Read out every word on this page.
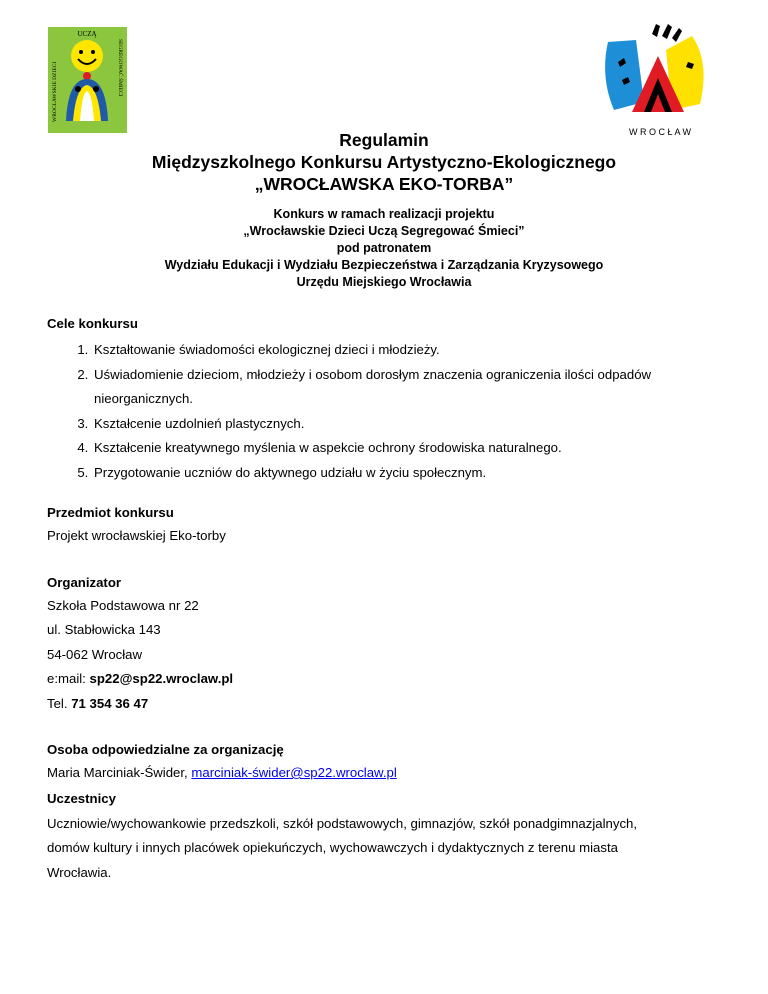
UCZĄ
WROCŁAWSKIE DZIECI	SEGREGOWAĆ ŚMIECI
W R O C Ł A W
Regulamin
Międzyszkolnego Konkursu Artystyczno-Ekologicznego
„WROCŁAWSKA EKO-TORBA”
Konkurs w ramach realizacji projektu
„Wrocławskie Dzieci Uczą Segregować Śmieci”
pod patronatem
Wydziału Edukacji i Wydziału Bezpieczeństwa i Zarządzania Kryzysowego
Urzędu Miejskiego Wrocławia
Cele konkursu
1. Kształtowanie świadomości ekologicznej dzieci i młodzieży.
2. Uświadomienie dzieciom, młodzieży i osobom dorosłym znaczenia ograniczenia ilości odpadów nieorganicznych.
3. Kształcenie uzdolnień plastycznych.
4. Kształcenie kreatywnego myślenia w aspekcie ochrony środowiska naturalnego.
5. Przygotowanie uczniów do aktywnego udziału w życiu społecznym.
Przedmiot konkursu
Projekt wrocławskiej Eko-torby
Organizator
Szkoła Podstawowa nr 22
ul. Stabłowicka 143
54-062 Wrocław
e:mail: sp22@sp22.wroclaw.pl
Tel. 71 354 36 47
Osoba odpowiedzialne za organizację
Maria Marciniak-Świder, marciniak-świder@sp22.wroclaw.pl
Uczestnicy
Uczniowie/wychowankowie przedszkoli, szkół podstawowych, gimnazjów, szkół ponadgimnazjalnych,
domów kultury i innych placówek opiekuńczych, wychowawczych i dydaktycznych z terenu miasta
Wrocławia.
